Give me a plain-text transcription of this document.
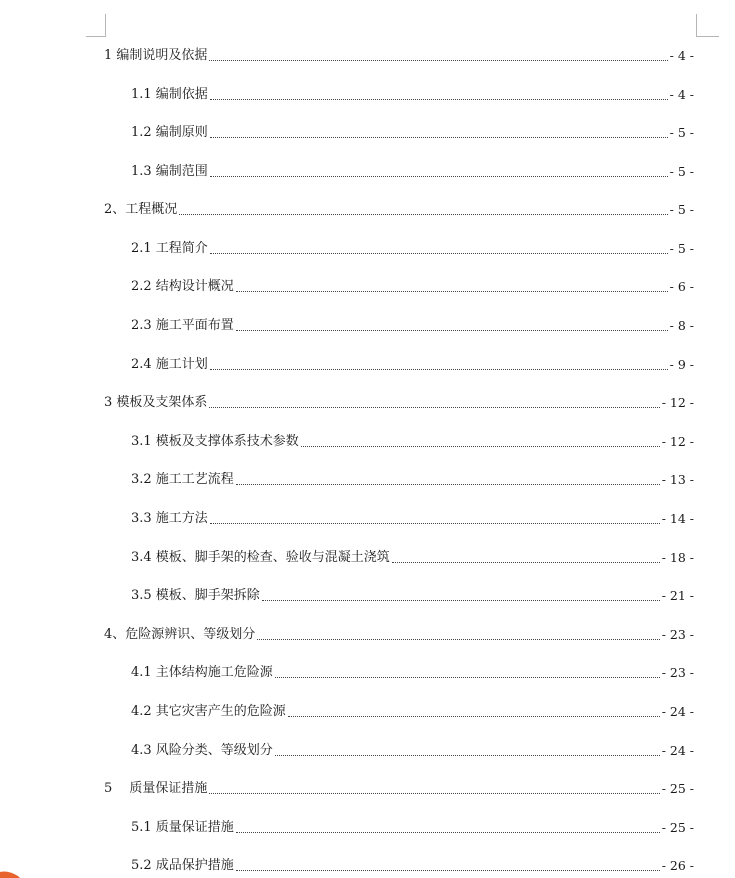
1 编制说明及依据	- 4 -
1.1 编制依据	- 4 -
1.2 编制原则	- 5 -
1.3 编制范围	- 5 -
2、工程概况	- 5 -
2.1 工程简介	- 5 -
2.2 结构设计概况	- 6 -
2.3 施工平面布置	- 8 -
2.4 施工计划	- 9 -
3 模板及支架体系	- 12 -
3.1 模板及支撑体系技术参数	- 12 -
3.2 施工工艺流程	- 13 -
3.3 施工方法	- 14 -
3.4 模板、脚手架的检查、验收与混凝土浇筑	- 18 -
3.5 模板、脚手架拆除	- 21 -
4、危险源辨识、等级划分	- 23 -
4.1 主体结构施工危险源	- 23 -
4.2 其它灾害产生的危险源	- 24 -
4.3 风险分类、等级划分	- 24 -
5　 质量保证措施	- 25 -
5.1 质量保证措施	- 25 -
5.2 成品保护措施	- 26 -
